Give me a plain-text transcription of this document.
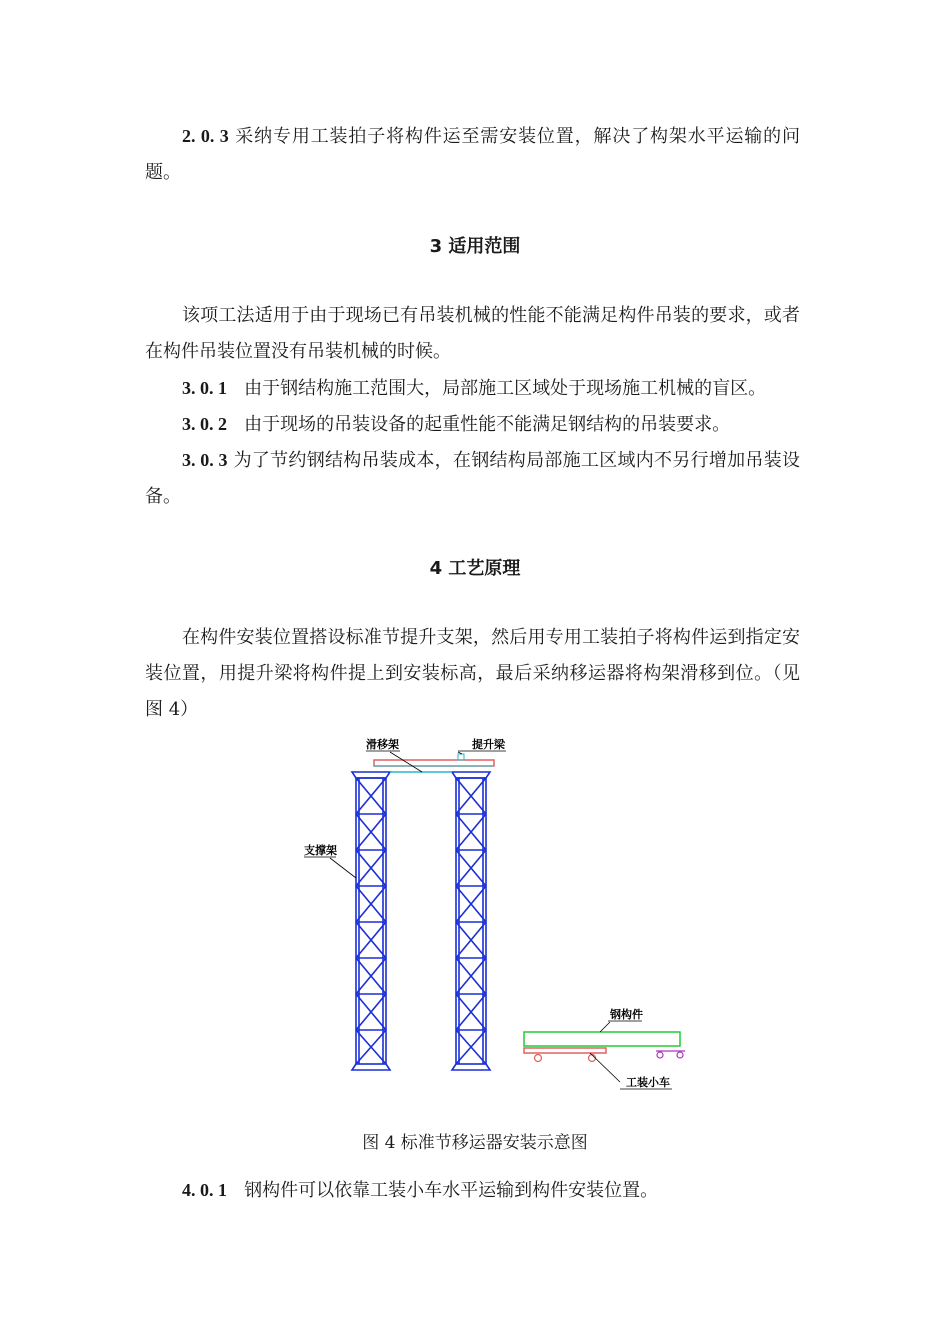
2. 0. 3 采纳专用工装拍子将构件运至需安装位置，解决了构架水平运输的问题。

3 适用范围

该项工法适用于由于现场已有吊装机械的性能不能满足构件吊装的要求，或者在构件吊装位置没有吊装机械的时候。

3. 0. 1 由于钢结构施工范围大，局部施工区域处于现场施工机械的盲区。

3. 0. 2 由于现场的吊装设备的起重性能不能满足钢结构的吊装要求。

3. 0. 3 为了节约钢结构吊装成本，在钢结构局部施工区域内不另行增加吊装设备。

4 工艺原理

在构件安装位置搭设标准节提升支架，然后用专用工装拍子将构件运到指定安装位置，用提升梁将构件提上到安装标高，最后采纳移运器将构架滑移到位。（见图 4）

滑移架	提升梁
支撑架
钢构件
工装小车
图 4 标准节移运器安装示意图

4. 0. 1 钢构件可以依靠工装小车水平运输到构件安装位置。
